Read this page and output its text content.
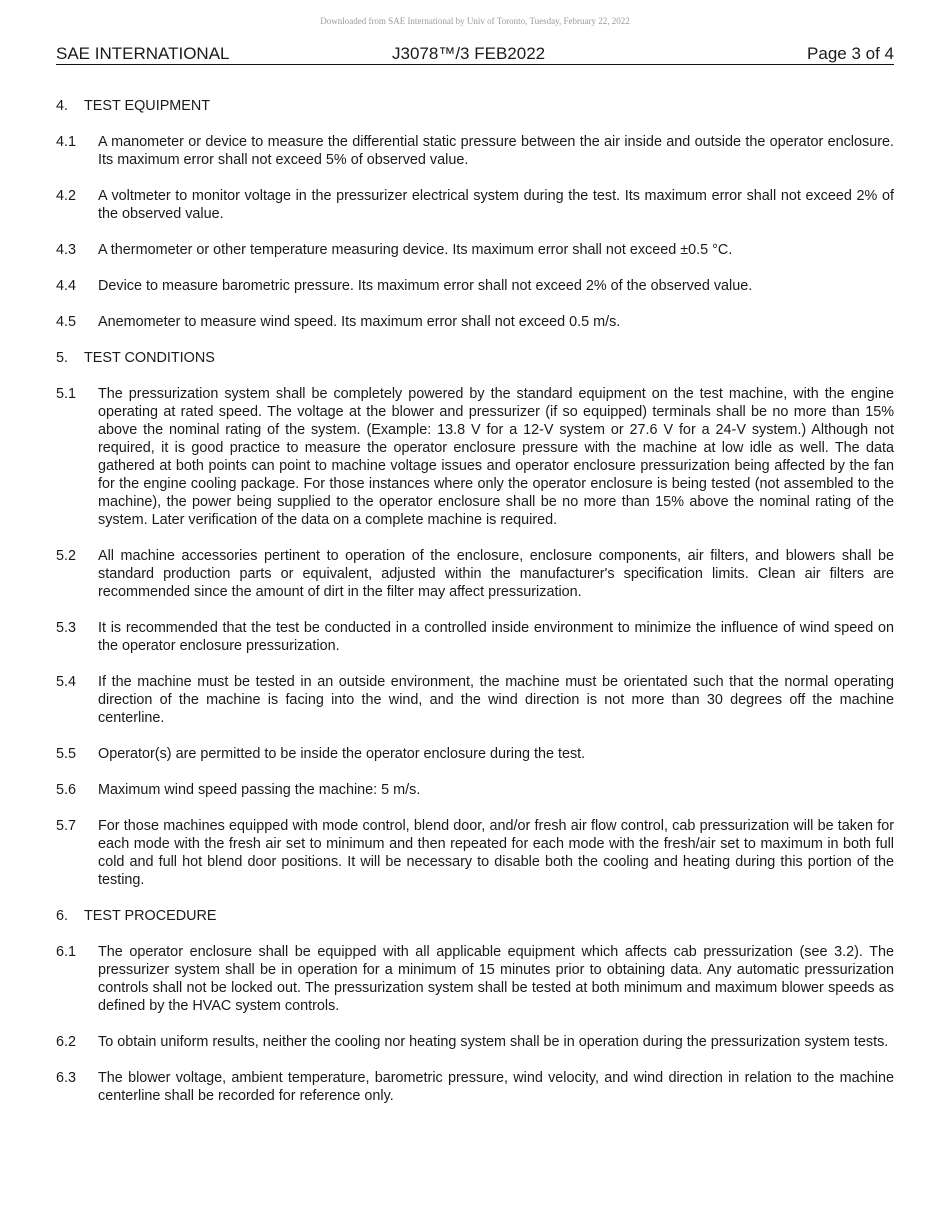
Downloaded from SAE International by Univ of Toronto, Tuesday, February 22, 2022
SAE INTERNATIONAL	J3078™/3 FEB2022	Page 3 of 4
4.	TEST EQUIPMENT
4.1	A manometer or device to measure the differential static pressure between the air inside and outside the operator enclosure. Its maximum error shall not exceed 5% of observed value.
4.2	A voltmeter to monitor voltage in the pressurizer electrical system during the test. Its maximum error shall not exceed 2% of the observed value.
4.3	A thermometer or other temperature measuring device. Its maximum error shall not exceed ±0.5 °C.
4.4	Device to measure barometric pressure. Its maximum error shall not exceed 2% of the observed value.
4.5	Anemometer to measure wind speed. Its maximum error shall not exceed 0.5 m/s.
5.	TEST CONDITIONS
5.1	The pressurization system shall be completely powered by the standard equipment on the test machine, with the engine operating at rated speed. The voltage at the blower and pressurizer (if so equipped) terminals shall be no more than 15% above the nominal rating of the system. (Example: 13.8 V for a 12-V system or 27.6 V for a 24-V system.) Although not required, it is good practice to measure the operator enclosure pressure with the machine at low idle as well. The data gathered at both points can point to machine voltage issues and operator enclosure pressurization being affected by the fan for the engine cooling package. For those instances where only the operator enclosure is being tested (not assembled to the machine), the power being supplied to the operator enclosure shall be no more than 15% above the nominal rating of the system. Later verification of the data on a complete machine is required.
5.2	All machine accessories pertinent to operation of the enclosure, enclosure components, air filters, and blowers shall be standard production parts or equivalent, adjusted within the manufacturer's specification limits. Clean air filters are recommended since the amount of dirt in the filter may affect pressurization.
5.3	It is recommended that the test be conducted in a controlled inside environment to minimize the influence of wind speed on the operator enclosure pressurization.
5.4	If the machine must be tested in an outside environment, the machine must be orientated such that the normal operating direction of the machine is facing into the wind, and the wind direction is not more than 30 degrees off the machine centerline.
5.5	Operator(s) are permitted to be inside the operator enclosure during the test.
5.6	Maximum wind speed passing the machine: 5 m/s.
5.7	For those machines equipped with mode control, blend door, and/or fresh air flow control, cab pressurization will be taken for each mode with the fresh air set to minimum and then repeated for each mode with the fresh/air set to maximum in both full cold and full hot blend door positions. It will be necessary to disable both the cooling and heating during this portion of the testing.
6.	TEST PROCEDURE
6.1	The operator enclosure shall be equipped with all applicable equipment which affects cab pressurization (see 3.2). The pressurizer system shall be in operation for a minimum of 15 minutes prior to obtaining data. Any automatic pressurization controls shall not be locked out. The pressurization system shall be tested at both minimum and maximum blower speeds as defined by the HVAC system controls.
6.2	To obtain uniform results, neither the cooling nor heating system shall be in operation during the pressurization system tests.
6.3	The blower voltage, ambient temperature, barometric pressure, wind velocity, and wind direction in relation to the machine centerline shall be recorded for reference only.
